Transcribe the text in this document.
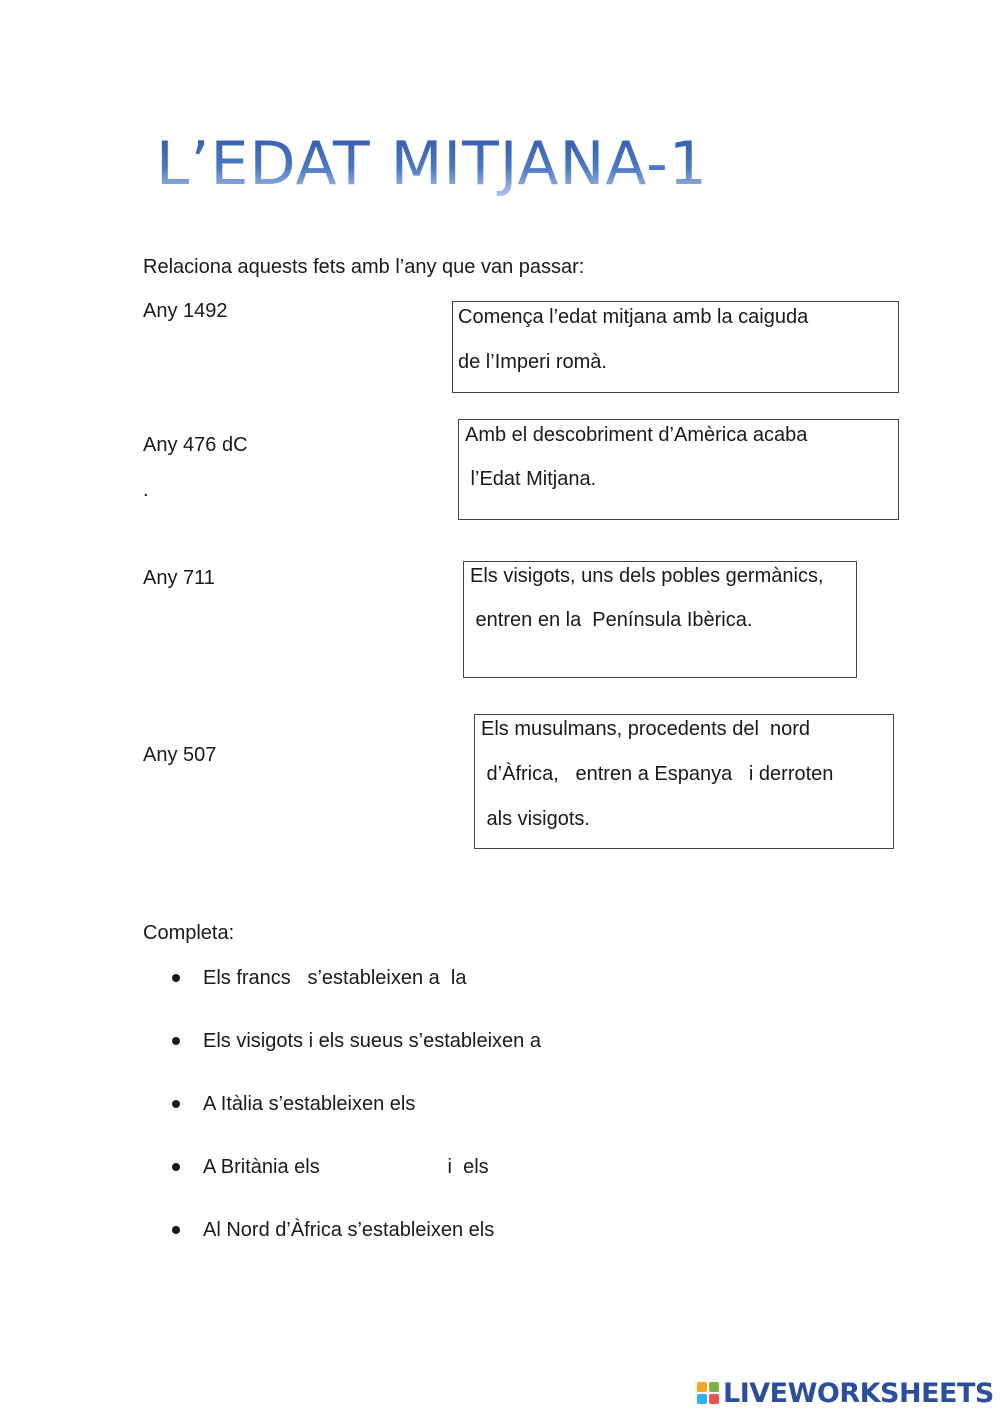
L’EDAT MITJANA-1
Relaciona aquests fets amb l’any que van passar:
Any 1492
Any 476 dC
.
Any 711
Any 507
Comença l’edat mitjana amb la caiguda
de l’Imperi romà.
Amb el descobriment d’Amèrica acaba
l’Edat Mitjana.
Els visigots, uns dels pobles germànics,
entren en la  Península Ibèrica.
Els musulmans, procedents del  nord
d’Àfrica,   entren a Espanya   i derroten
als visigots.
Completa:
Els francs   s’estableixen a  la
Els visigots i els sueus s’estableixen a
A Itàlia s’estableixen els
A Britània els                       i  els
Al Nord d’Àfrica s’estableixen els
LIVEWORKSHEETS
